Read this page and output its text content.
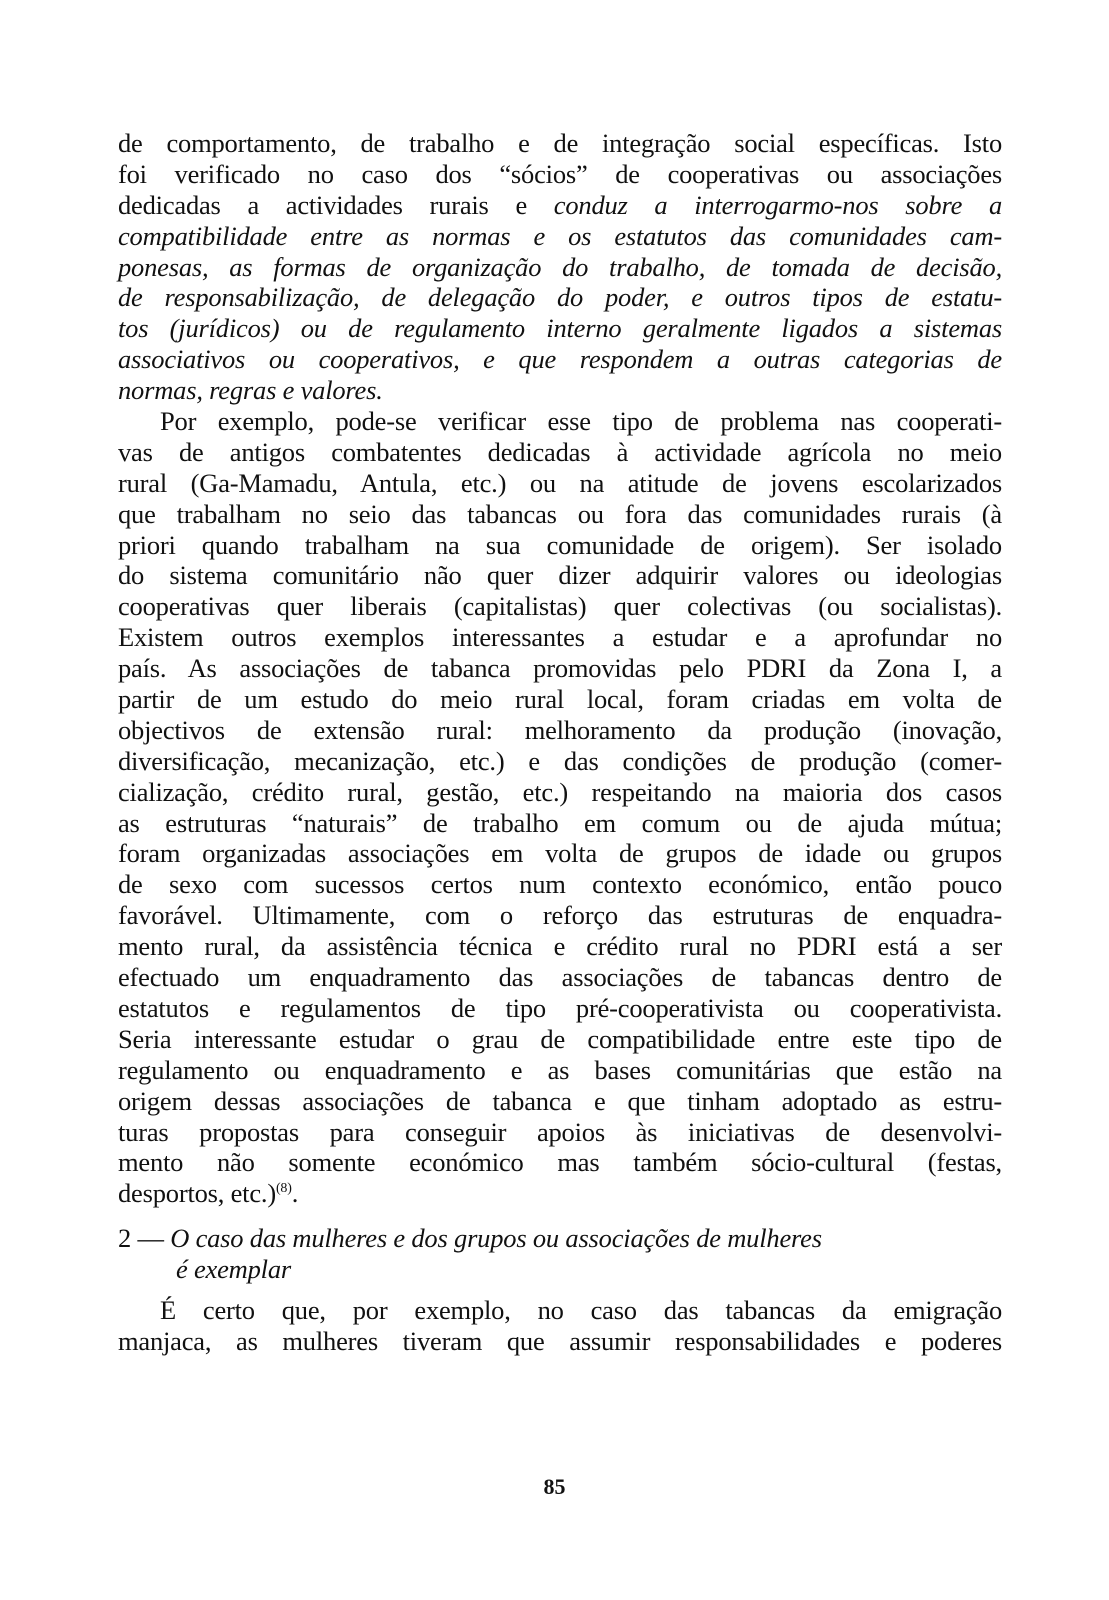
de comportamento, de trabalho e de integração social específicas. Isto
foi verificado no caso dos “sócios” de cooperativas ou associações
dedicadas a actividades rurais e conduz a interrogarmo-nos sobre a
compatibilidade entre as normas e os estatutos das comunidades cam-
ponesas, as formas de organização do trabalho, de tomada de decisão,
de responsabilização, de delegação do poder, e outros tipos de estatu-
tos (jurídicos) ou de regulamento interno geralmente ligados a sistemas
associativos ou cooperativos, e que respondem a outras categorias de
normas, regras e valores.
Por exemplo, pode-se verificar esse tipo de problema nas cooperati-
vas de antigos combatentes dedicadas à actividade agrícola no meio
rural (Ga-Mamadu, Antula, etc.) ou na atitude de jovens escolarizados
que trabalham no seio das tabancas ou fora das comunidades rurais (à
priori quando trabalham na sua comunidade de origem). Ser isolado
do sistema comunitário não quer dizer adquirir valores ou ideologias
cooperativas quer liberais (capitalistas) quer colectivas (ou socialistas).
Existem outros exemplos interessantes a estudar e a aprofundar no
país. As associações de tabanca promovidas pelo PDRI da Zona I, a
partir de um estudo do meio rural local, foram criadas em volta de
objectivos de extensão rural: melhoramento da produção (inovação,
diversificação, mecanização, etc.) e das condições de produção (comer-
cialização, crédito rural, gestão, etc.) respeitando na maioria dos casos
as estruturas “naturais” de trabalho em comum ou de ajuda mútua;
foram organizadas associações em volta de grupos de idade ou grupos
de sexo com sucessos certos num contexto económico, então pouco
favorável. Ultimamente, com o reforço das estruturas de enquadra-
mento rural, da assistência técnica e crédito rural no PDRI está a ser
efectuado um enquadramento das associações de tabancas dentro de
estatutos e regulamentos de tipo pré-cooperativista ou cooperativista.
Seria interessante estudar o grau de compatibilidade entre este tipo de
regulamento ou enquadramento e as bases comunitárias que estão na
origem dessas associações de tabanca e que tinham adoptado as estru-
turas propostas para conseguir apoios às iniciativas de desenvolvi-
mento não somente económico mas também sócio-cultural (festas,
desportos, etc.)$^{(8)}$.
2 — O caso das mulheres e dos grupos ou associações de mulheres
é exemplar
É certo que, por exemplo, no caso das tabancas da emigração
manjaca, as mulheres tiveram que assumir responsabilidades e poderes
85
